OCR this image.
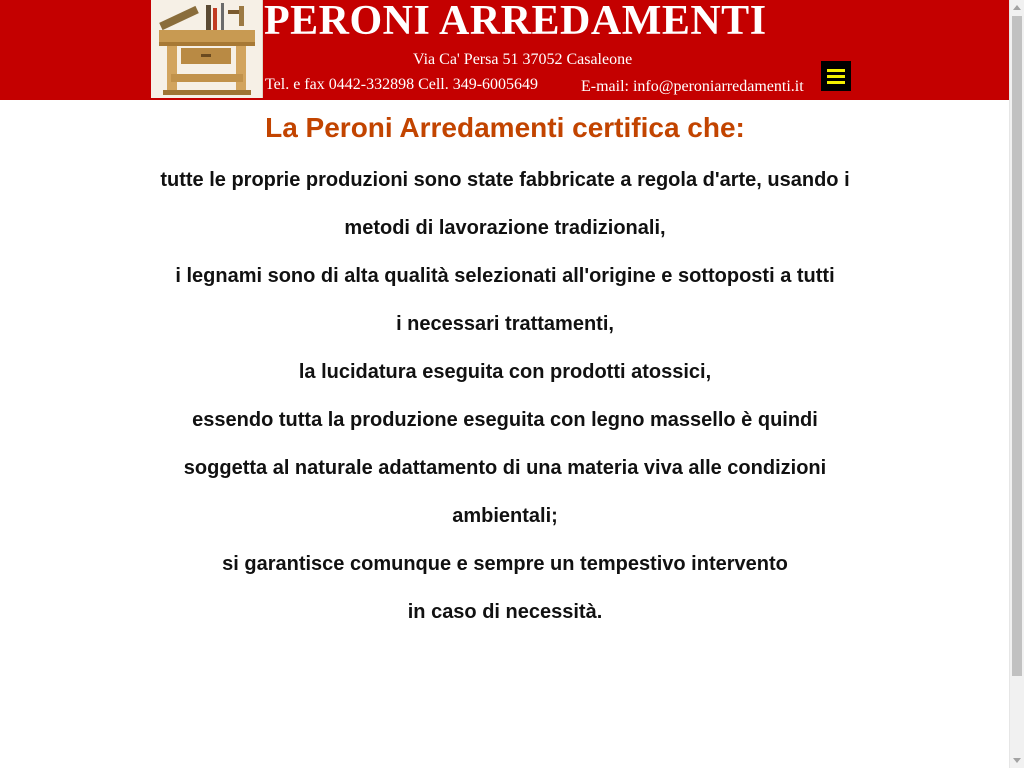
PERONI ARREDAMENTI
Via Ca' Persa 51 37052 Casaleone
Tel. e fax 0442-332898 Cell. 349-6005649	E-mail: info@peroniarredamenti.it
La Peroni Arredamenti certifica che:

tutte le proprie produzioni sono state fabbricate a regola d'arte, usando i

metodi di lavorazione tradizionali,

i legnami sono di alta qualità selezionati all'origine e sottoposti a tutti

i necessari trattamenti,

la lucidatura eseguita con prodotti atossici,

essendo tutta la produzione eseguita con legno massello è quindi

soggetta al naturale adattamento di una materia viva alle condizioni

ambientali;

si garantisce comunque e sempre un tempestivo intervento

in caso di necessità.
